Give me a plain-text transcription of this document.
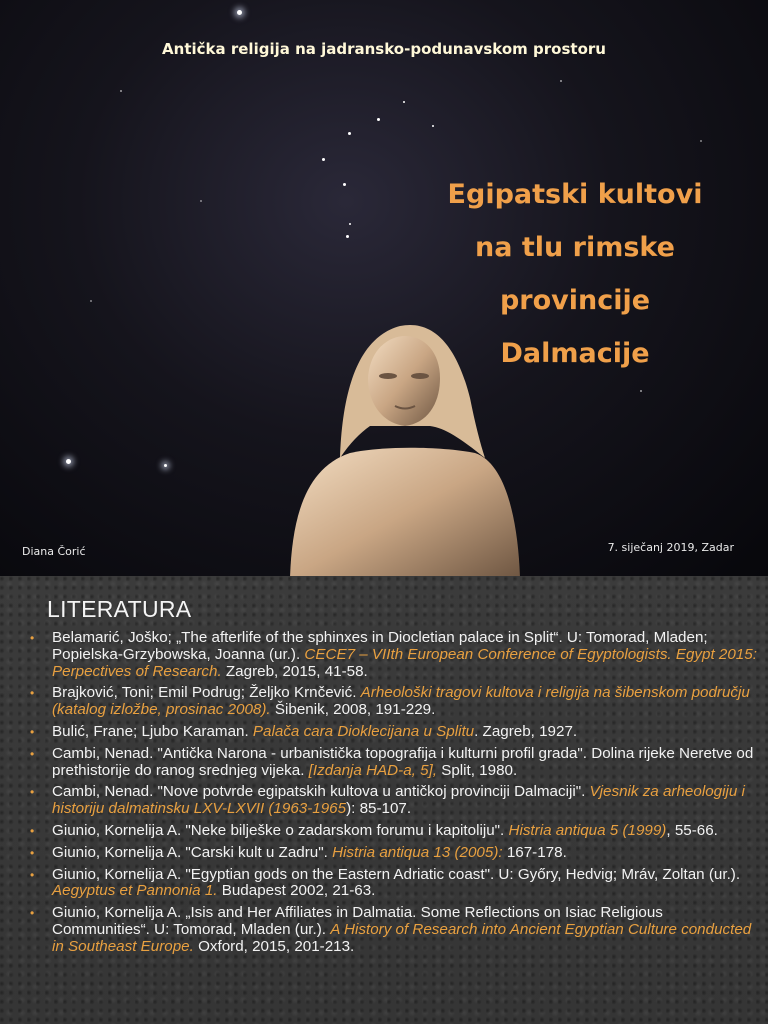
Antička religija na jadransko-podunavskom prostoru
Egipatski kultovi
na tlu rimske
provincije
Dalmacije
Diana Čorić	7. siječanj 2019, Zadar
LITERATURA
• Belamarić, Joško; „The afterlife of the sphinxes in Diocletian palace in Split“. U: Tomorad, Mladen; Popielska-Grzybowska, Joanna (ur.). CECE7 – VIIth European Conference of Egyptologists. Egypt 2015: Perpectives of Research. Zagreb, 2015, 41-58.
• Brajković, Toni; Emil Podrug; Željko Krnčević. Arheološki tragovi kultova i religija na šibenskom području (katalog izložbe, prosinac 2008). Šibenik, 2008, 191-229.
• Bulić, Frane; Ljubo Karaman. Palača cara Dioklecijana u Splitu. Zagreb, 1927.
• Cambi, Nenad. "Antička Narona - urbanistička topografija i kulturni profil grada". Dolina rijeke Neretve od prethistorije do ranog srednjeg vijeka. [Izdanja HAD-a, 5], Split, 1980.
• Cambi, Nenad. "Nove potvrde egipatskih kultova u antičkoj provinciji Dalmaciji". Vjesnik za arheologiju i historiju dalmatinsku LXV-LXVII (1963-1965): 85-107.
• Giunio, Kornelija A. "Neke bilješke o zadarskom forumu i kapitoliju". Histria antiqua 5 (1999), 55-66.
• Giunio, Kornelija A. "Carski kult u Zadru". Histria antiqua 13 (2005): 167-178.
• Giunio, Kornelija A. "Egyptian gods on the Eastern Adriatic coast". U: Győry, Hedvig; Mráv, Zoltan (ur.). Aegyptus et Pannonia 1. Budapest 2002, 21-63.
• Giunio, Kornelija A. „Isis and Her Affiliates in Dalmatia. Some Reflections on Isiac Religious Communities“. U: Tomorad, Mladen (ur.). A History of Research into Ancient Egyptian Culture conducted in Southeast Europe. Oxford, 2015, 201-213.
